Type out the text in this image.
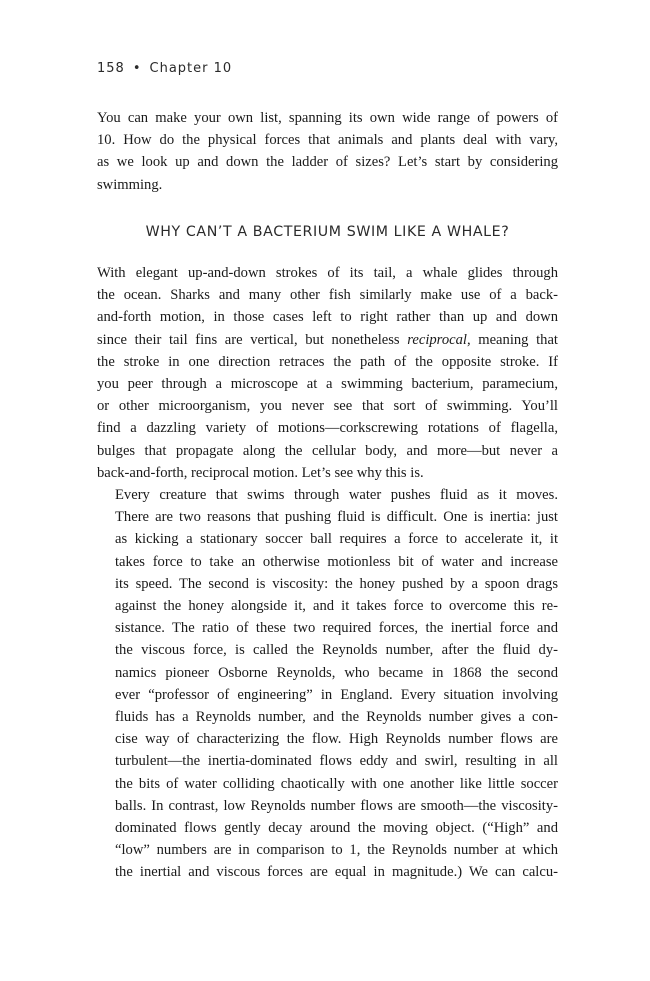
158 • Chapter 10

You can make your own list, spanning its own wide range of powers of
10. How do the physical forces that animals and plants deal with vary,
as we look up and down the ladder of sizes? Let’s start by considering
swimming.

WHY CAN’T A BACTERIUM SWIM LIKE A WHALE?

With elegant up-and-down strokes of its tail, a whale glides through
the ocean. Sharks and many other fish similarly make use of a back-
and-forth motion, in those cases left to right rather than up and down
since their tail fins are vertical, but nonetheless reciprocal, meaning that
the stroke in one direction retraces the path of the opposite stroke. If
you peer through a microscope at a swimming bacterium, paramecium,
or other microorganism, you never see that sort of swimming. You’ll
find a dazzling variety of motions—corkscrewing rotations of flagella,
bulges that propagate along the cellular body, and more—but never a
back-and-forth, reciprocal motion. Let’s see why this is.

Every creature that swims through water pushes fluid as it moves.
There are two reasons that pushing fluid is difficult. One is inertia: just
as kicking a stationary soccer ball requires a force to accelerate it, it
takes force to take an otherwise motionless bit of water and increase
its speed. The second is viscosity: the honey pushed by a spoon drags
against the honey alongside it, and it takes force to overcome this re-
sistance. The ratio of these two required forces, the inertial force and
the viscous force, is called the Reynolds number, after the fluid dy-
namics pioneer Osborne Reynolds, who became in 1868 the second
ever “professor of engineering” in England. Every situation involving
fluids has a Reynolds number, and the Reynolds number gives a con-
cise way of characterizing the flow. High Reynolds number flows are
turbulent—the inertia-dominated flows eddy and swirl, resulting in all
the bits of water colliding chaotically with one another like little soccer
balls. In contrast, low Reynolds number flows are smooth—the viscosity-
dominated flows gently decay around the moving object. (“High” and
“low” numbers are in comparison to 1, the Reynolds number at which
the inertial and viscous forces are equal in magnitude.) We can calcu-
